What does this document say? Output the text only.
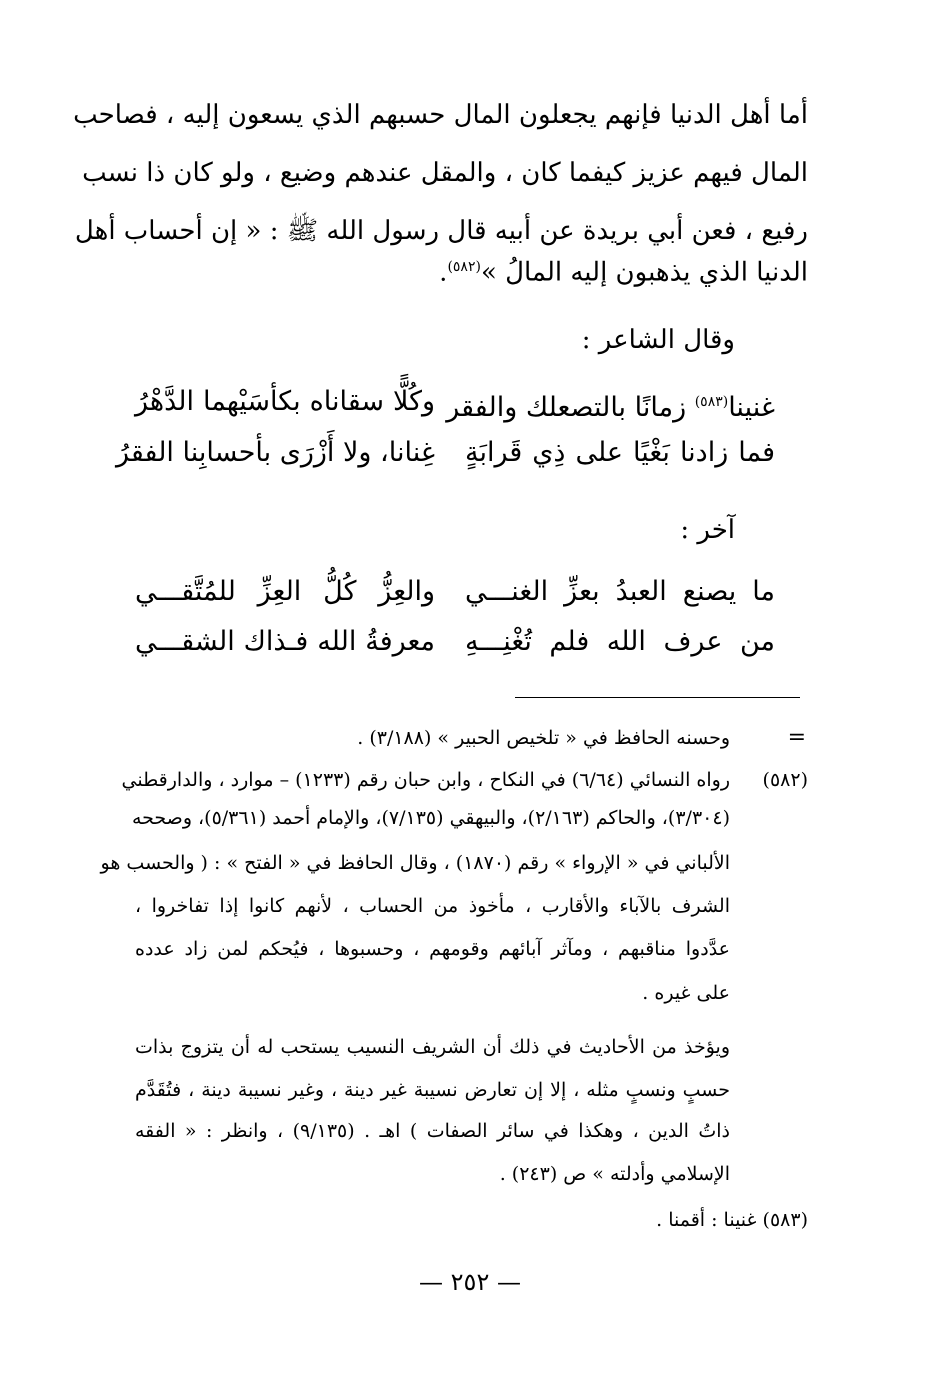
أما أهل الدنيا فإنهم يجعلون المال حسبهم الذي يسعون إليه ، فصاحب
المال فيهم عزيز كيفما كان ، والمقل عندهم وضيع ، ولو كان ذا نسب
رفيع ، فعن أبي بريدة عن أبيه قال رسول الله ﷺ : « إن أحساب أهل
الدنيا الذي يذهبون إليه المالُ »$^{(٥٨٢)}$.
وقال الشاعر :
غنينا$^{(٥٨٣)}$ زمانًا بالتصعلك والفقر
وكُلًّا سقاناه بكأسَيْهما الدَّهْرُ
فما زادنا بَغْيًا على ذِي قَرابَةٍ
غِنانا، ولا أَزْرَى بأحسابِنا الفقرُ
آخر :
ما يصنع العبدُ بعزِّ الغنـــي
والعِزُّ كُلُّ العِزِّ للمُتَّقـــي
من عرف الله فلم تُغْنِـــهِ
معرفةُ الله فـذاك الشقـــي
=
وحسنه الحافظ في « تلخيص الحبير » (٣/١٨٨) .
(٥٨٢)
رواه النسائي (٦/٦٤) في النكاح ، وابن حبان رقم (١٢٣٣) – موارد ، والدارقطني
(٣/٣٠٤)، والحاكم (٢/١٦٣)، والبيهقي (٧/١٣٥)، والإمام أحمد (٥/٣٦١)، وصححه
الألباني في « الإرواء » رقم (١٨٧٠) ، وقال الحافظ في « الفتح » : ( والحسب هو
الشرف بالآباء والأقارب ، مأخوذ من الحساب ، لأنهم كانوا إذا تفاخروا ،
عدَّدوا مناقبهم ، ومآثر آبائهم وقومهم ، وحسبوها ، فيُحكم لمن زاد عدده
على غيره .
ويؤخذ من الأحاديث في ذلك أن الشريف النسيب يستحب له أن يتزوج بذات
حسبٍ ونسبٍ مثله ، إلا إن تعارض نسيبة غير دينة ، وغير نسيبة دينة ، فتُقَدَّم
ذاتُ الدين ، وهكذا في سائر الصفات ) اهـ . (٩/١٣٥) ، وانظر : « الفقه
الإسلامي وأدلته » ص (٢٤٣) .
(٥٨٣) غنينا : أقمنا .
— ٢٥٢ —
